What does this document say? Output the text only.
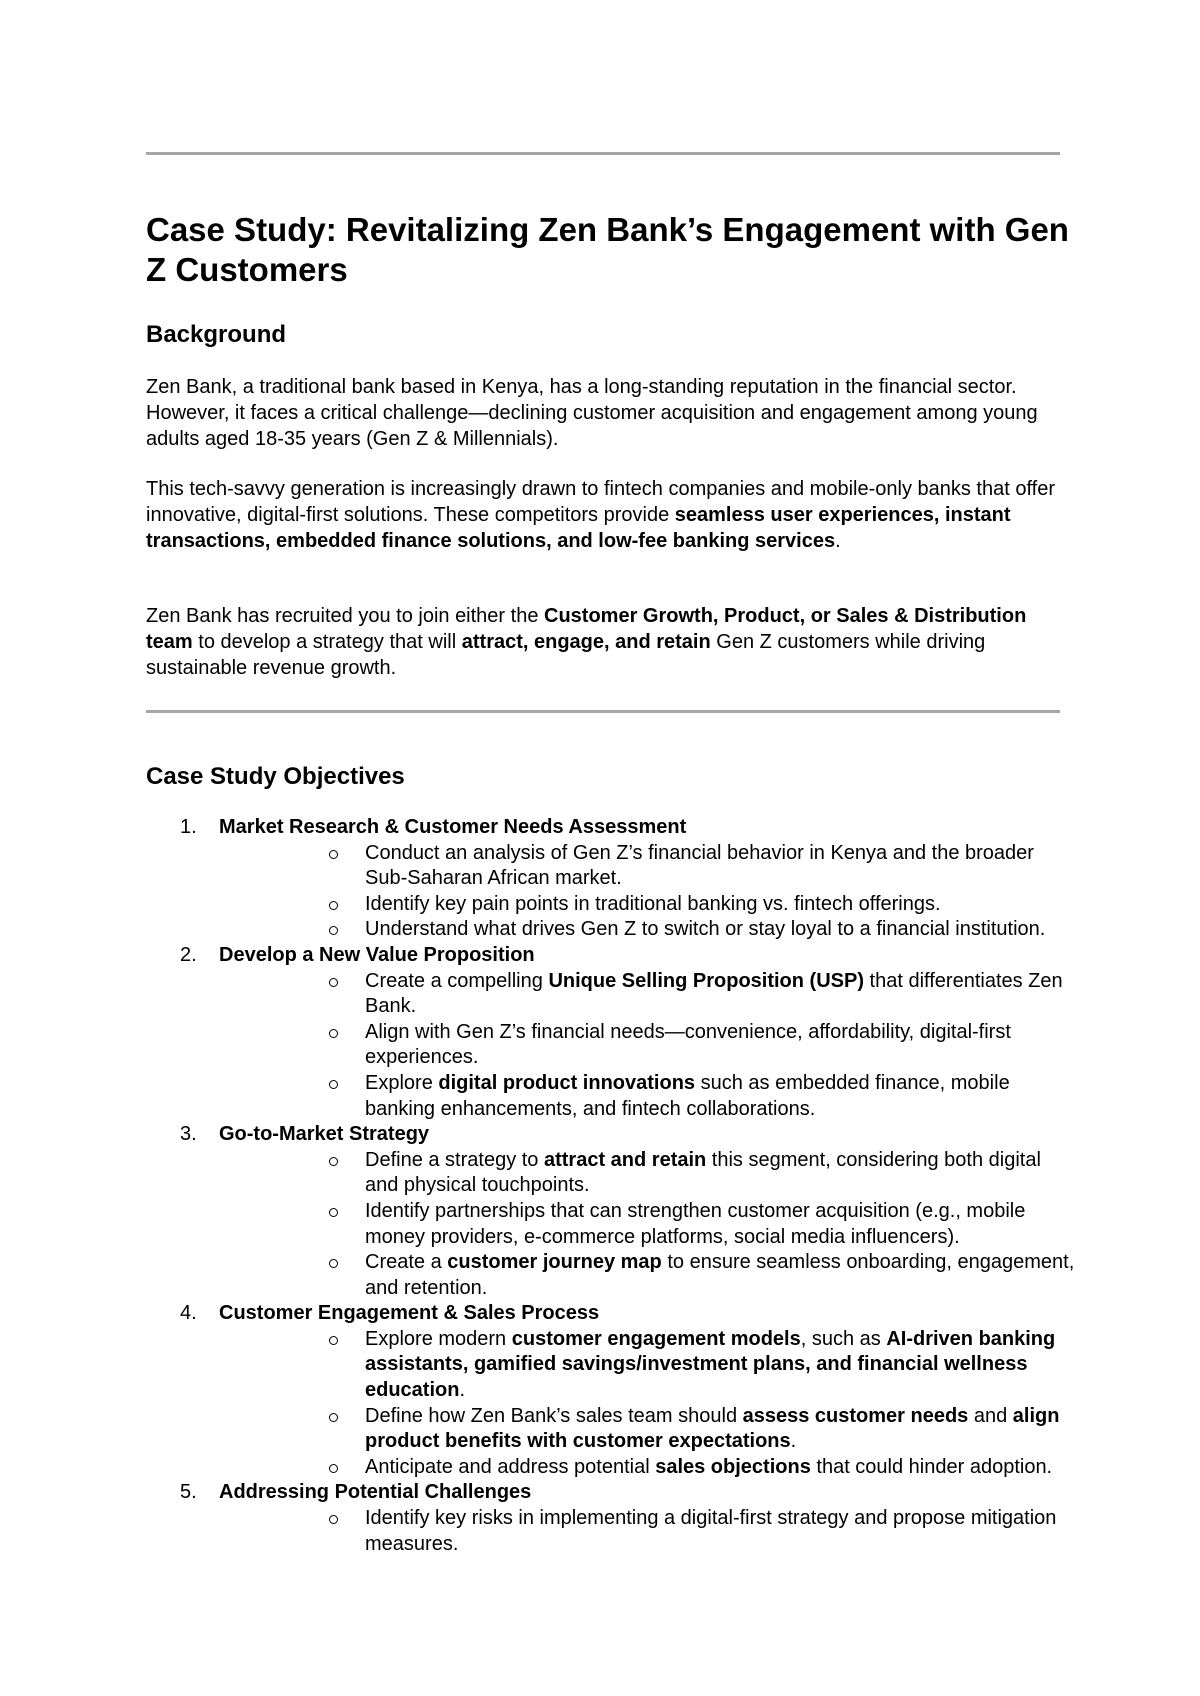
Case Study: Revitalizing Zen Bank’s Engagement with Gen Z Customers
Background

Zen Bank, a traditional bank based in Kenya, has a long-standing reputation in the financial sector. However, it faces a critical challenge—declining customer acquisition and engagement among young adults aged 18-35 years (Gen Z & Millennials).

This tech-savvy generation is increasingly drawn to fintech companies and mobile-only banks that offer innovative, digital-first solutions. These competitors provide seamless user experiences, instant transactions, embedded finance solutions, and low-fee banking services.

Zen Bank has recruited you to join either the Customer Growth, Product, or Sales & Distribution team to develop a strategy that will attract, engage, and retain Gen Z customers while driving sustainable revenue growth.

Case Study Objectives
1. Market Research & Customer Needs Assessment
Conduct an analysis of Gen Z’s financial behavior in Kenya and the broader Sub-Saharan African market.
Identify key pain points in traditional banking vs. fintech offerings.
Understand what drives Gen Z to switch or stay loyal to a financial institution.
2. Develop a New Value Proposition
Create a compelling Unique Selling Proposition (USP) that differentiates Zen Bank.
Align with Gen Z’s financial needs—convenience, affordability, digital-first experiences.
Explore digital product innovations such as embedded finance, mobile banking enhancements, and fintech collaborations.
3. Go-to-Market Strategy
Define a strategy to attract and retain this segment, considering both digital and physical touchpoints.
Identify partnerships that can strengthen customer acquisition (e.g., mobile money providers, e-commerce platforms, social media influencers).
Create a customer journey map to ensure seamless onboarding, engagement, and retention.
4. Customer Engagement & Sales Process
Explore modern customer engagement models, such as AI-driven banking assistants, gamified savings/investment plans, and financial wellness education.
Define how Zen Bank’s sales team should assess customer needs and align product benefits with customer expectations.
Anticipate and address potential sales objections that could hinder adoption.
5. Addressing Potential Challenges
Identify key risks in implementing a digital-first strategy and propose mitigation measures.
